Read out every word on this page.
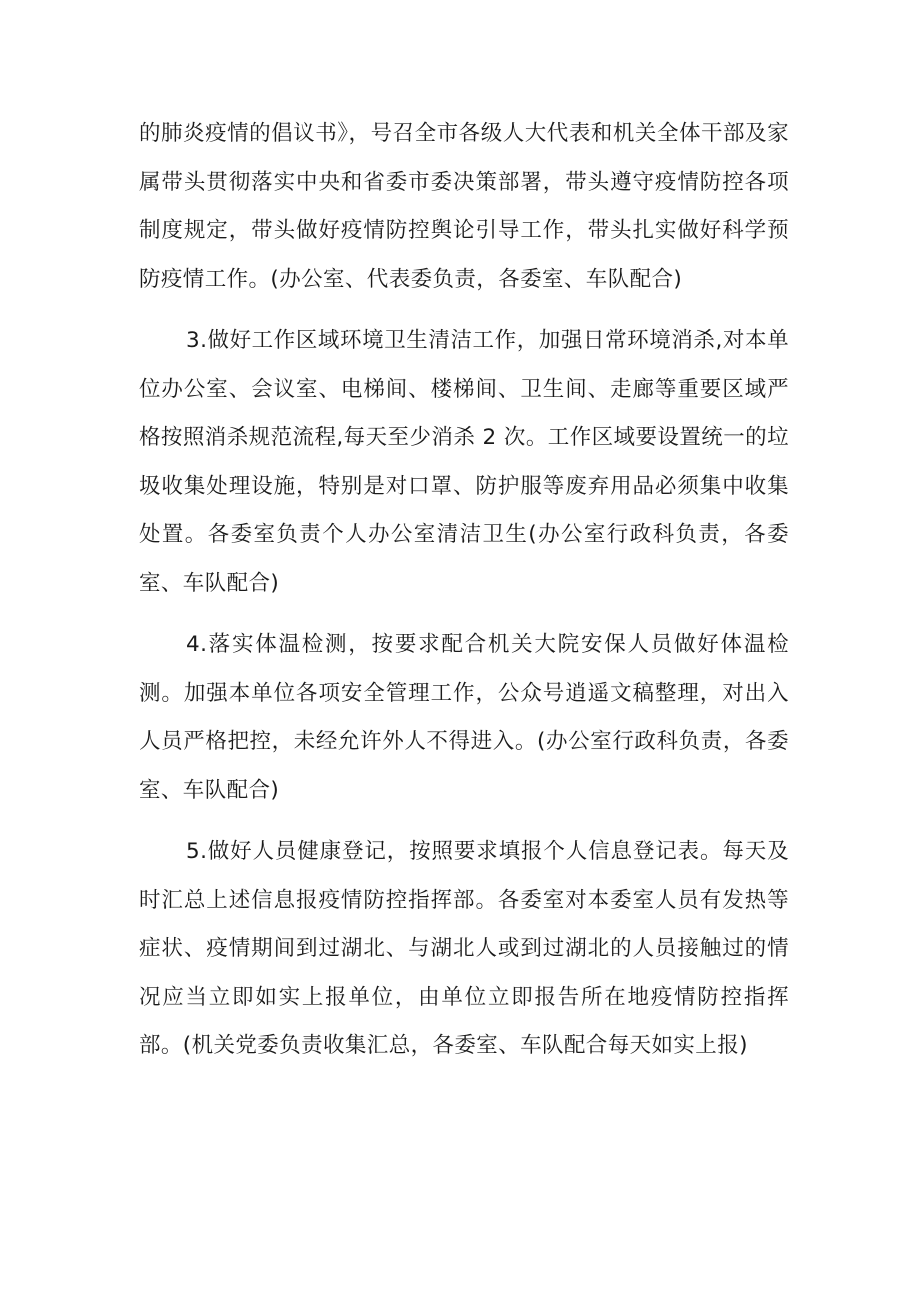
的肺炎疫情的倡议书》，号召全市各级人大代表和机关全体干部及家属带头贯彻落实中央和省委市委决策部署，带头遵守疫情防控各项制度规定，带头做好疫情防控舆论引导工作，带头扎实做好科学预防疫情工作。(办公室、代表委负责，各委室、车队配合)

3.做好工作区域环境卫生清洁工作，加强日常环境消杀,对本单位办公室、会议室、电梯间、楼梯间、卫生间、走廊等重要区域严格按照消杀规范流程,每天至少消杀 2 次。工作区域要设置统一的垃圾收集处理设施，特别是对口罩、防护服等废弃用品必须集中收集处置。各委室负责个人办公室清洁卫生(办公室行政科负责，各委室、车队配合)

4.落实体温检测，按要求配合机关大院安保人员做好体温检测。加强本单位各项安全管理工作，公众号逍遥文稿整理，对出入人员严格把控，未经允许外人不得进入。(办公室行政科负责，各委室、车队配合)

5.做好人员健康登记，按照要求填报个人信息登记表。每天及时汇总上述信息报疫情防控指挥部。各委室对本委室人员有发热等症状、疫情期间到过湖北、与湖北人或到过湖北的人员接触过的情况应当立即如实上报单位，由单位立即报告所在地疫情防控指挥部。(机关党委负责收集汇总，各委室、车队配合每天如实上报)
